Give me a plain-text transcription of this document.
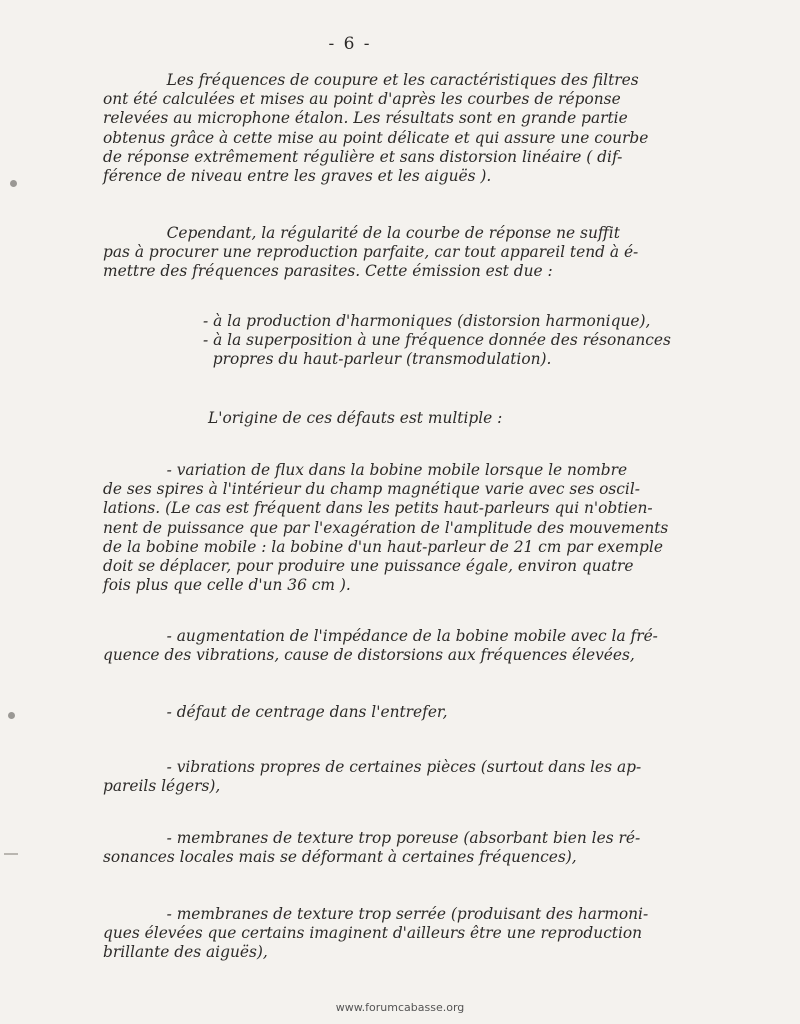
- 6 -

Les fréquences de coupure et les caractéristiques des filtres
ont été calculées et mises au point d'après les courbes de réponse
relevées au microphone étalon. Les résultats sont en grande partie
obtenus grâce à cette mise au point délicate et qui assure une courbe
de réponse extrêmement régulière et sans distorsion linéaire ( dif-
férence de niveau entre les graves et les aiguës ).

Cependant, la régularité de la courbe de réponse ne suffit
pas à procurer une reproduction parfaite, car tout appareil tend à é-
mettre des fréquences parasites. Cette émission est due :

- à la production d'harmoniques (distorsion harmonique),
- à la superposition à une fréquence donnée des résonances
propres du haut-parleur (transmodulation).
L'origine de ces défauts est multiple :

- variation de flux dans la bobine mobile lorsque le nombre
de ses spires à l'intérieur du champ magnétique varie avec ses oscil-
lations. (Le cas est fréquent dans les petits haut-parleurs qui n'obtien-
nent de puissance que par l'exagération de l'amplitude des mouvements
de la bobine mobile : la bobine d'un haut-parleur de 21 cm par exemple
doit se déplacer, pour produire une puissance égale, environ quatre
fois plus que celle d'un 36 cm ).

- augmentation de l'impédance de la bobine mobile avec la fré-
quence des vibrations, cause de distorsions aux fréquences élevées,

- défaut de centrage dans l'entrefer,

- vibrations propres de certaines pièces (surtout dans les ap-
pareils légers),

- membranes de texture trop poreuse (absorbant bien les ré-
sonances locales mais se déformant à certaines fréquences),

- membranes de texture trop serrée (produisant des harmoni-
ques élevées que certains imaginent d'ailleurs être une reproduction
brillante des aiguës),

www.forumcabasse.org
